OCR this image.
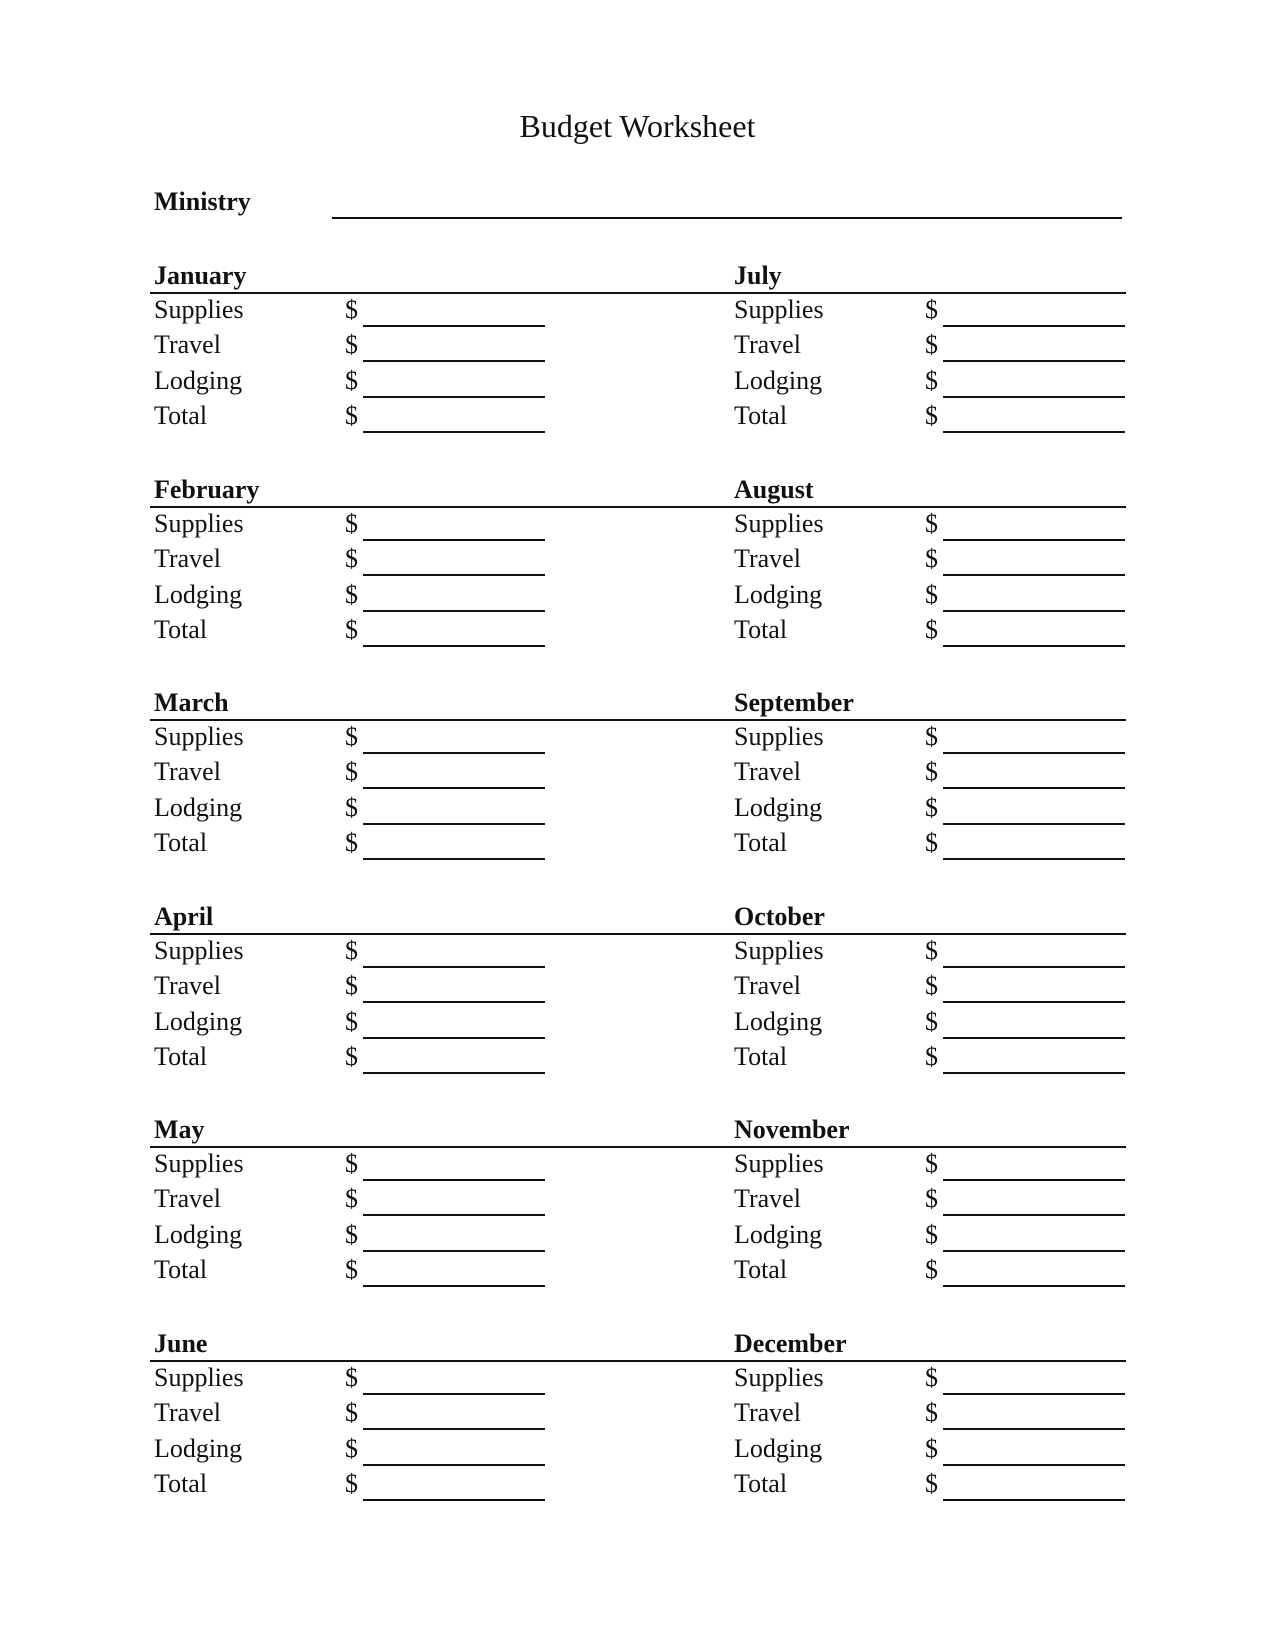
Budget Worksheet
Ministry
January
Supplies	$
Travel	$
Lodging	$
Total	$
February
Supplies	$
Travel	$
Lodging	$
Total	$
March
Supplies	$
Travel	$
Lodging	$
Total	$
April
Supplies	$
Travel	$
Lodging	$
Total	$
May
Supplies	$
Travel	$
Lodging	$
Total	$
June
Supplies	$
Travel	$
Lodging	$
Total	$
July
Supplies	$
Travel	$
Lodging	$
Total	$
August
Supplies	$
Travel	$
Lodging	$
Total	$
September
Supplies	$
Travel	$
Lodging	$
Total	$
October
Supplies	$
Travel	$
Lodging	$
Total	$
November
Supplies	$
Travel	$
Lodging	$
Total	$
December
Supplies	$
Travel	$
Lodging	$
Total	$
